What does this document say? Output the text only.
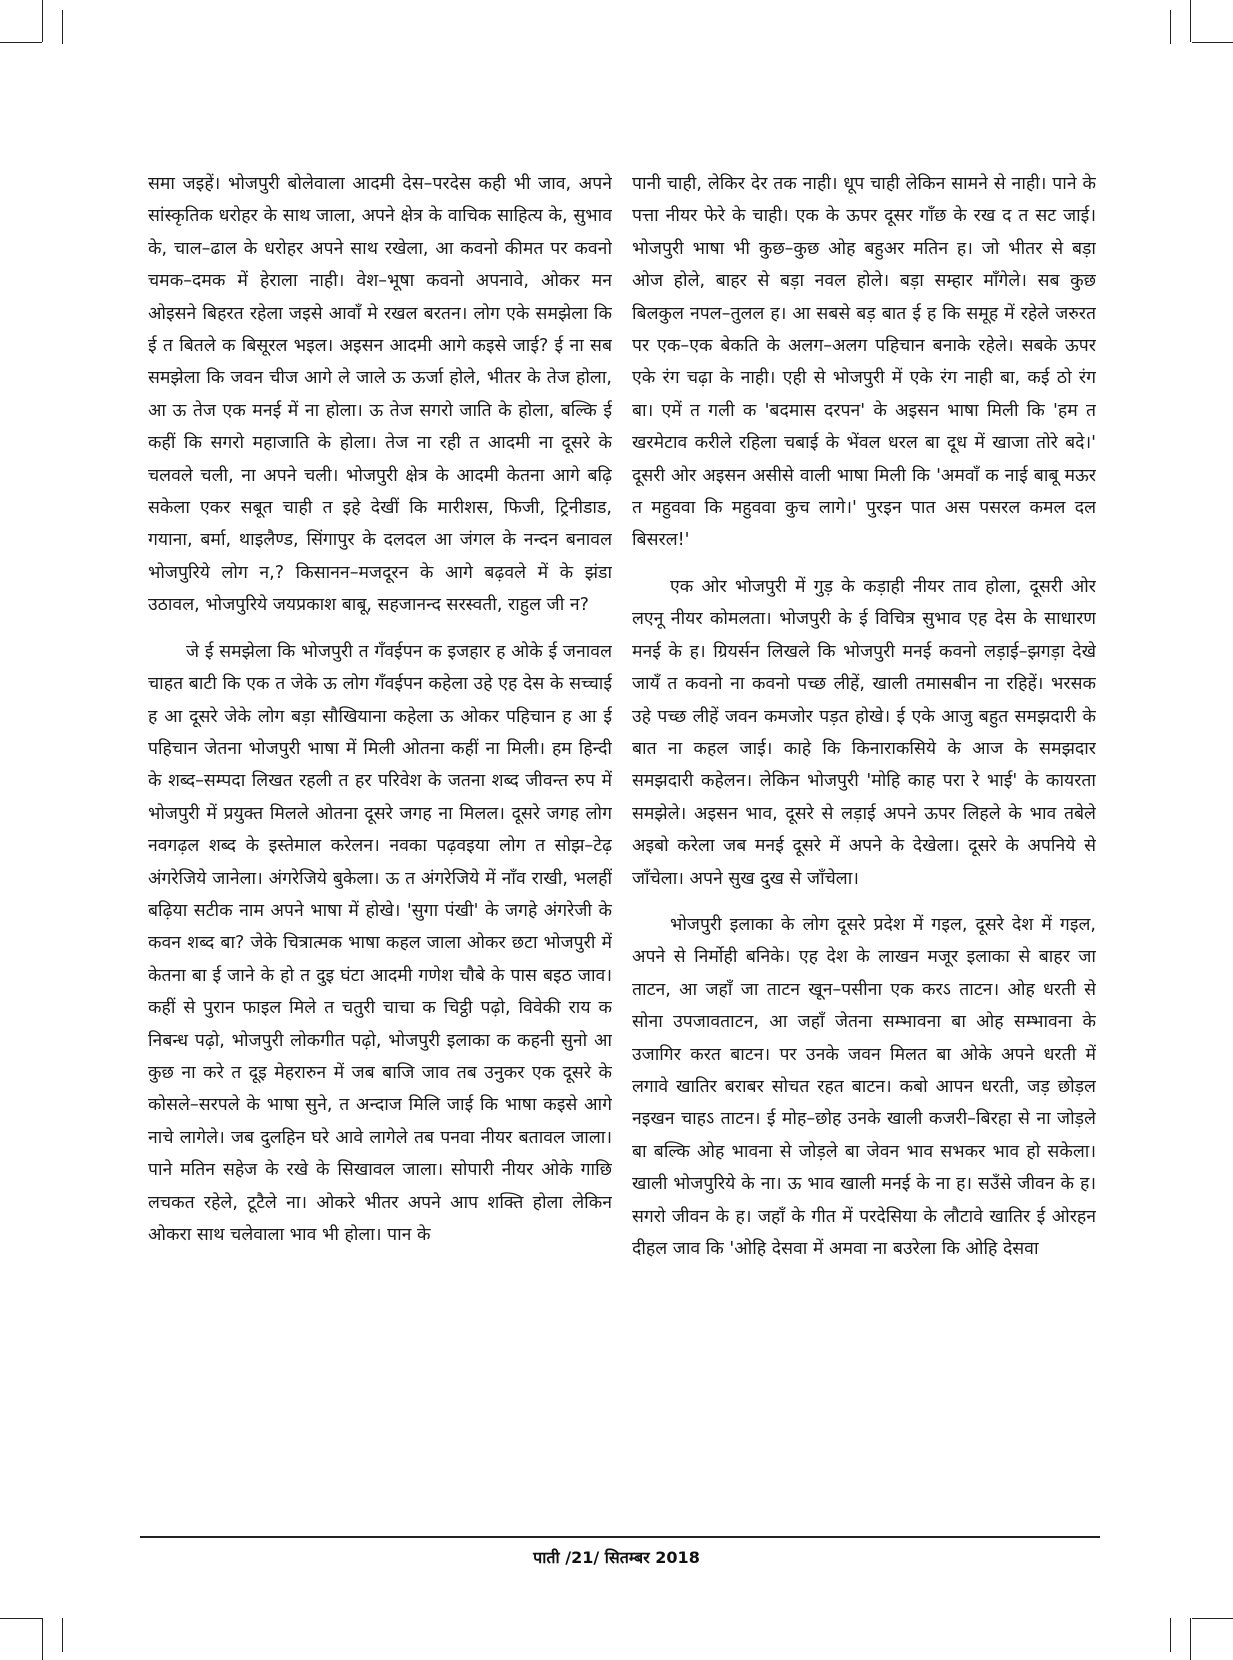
समा जइहें। भोजपुरी बोलेवाला आदमी देस–परदेस कही भी जाव, अपने सांस्कृतिक धरोहर के साथ जाला, अपने क्षेत्र के वाचिक साहित्य के, सुभाव के, चाल–ढाल के धरोहर अपने साथ रखेला, आ कवनो कीमत पर कवनो चमक–दमक में हेराला नाही। वेश–भूषा कवनो अपनावे, ओकर मन ओइसने बिहरत रहेला जइसे आवाँ मे रखल बरतन। लोग एके समझेला कि ई त बितले क बिसूरल भइल। अइसन आदमी आगे कइसे जाई? ई ना सब समझेला कि जवन चीज आगे ले जाले ऊ ऊर्जा होले, भीतर के तेज होला, आ ऊ तेज एक मनई में ना होला। ऊ तेज सगरो जाति के होला, बल्कि ई कहीं कि सगरो महाजाति के होला। तेज ना रही त आदमी ना दूसरे के चलवले चली, ना अपने चली। भोजपुरी क्षेत्र के आदमी केतना आगे बढ़ि सकेला एकर सबूत चाही त इहे देखीं कि मारीशस, फिजी, ट्रिनीडाड, गयाना, बर्मा, थाइलैण्ड, सिंगापुर के दलदल आ जंगल के नन्दन बनावल भोजपुरिये लोग न,? किसानन–मजदूरन के आगे बढ़वले में के झंडा उठावल, भोजपुरिये जयप्रकाश बाबू, सहजानन्द सरस्वती, राहुल जी न?

जे ई समझेला कि भोजपुरी त गँवईपन क इजहार ह ओके ई जनावल चाहत बाटी कि एक त जेके ऊ लोग गँवईपन कहेला उहे एह देस के सच्चाई ह आ दूसरे जेके लोग बड़ा सौखियाना कहेला ऊ ओकर पहिचान ह आ ई पहिचान जेतना भोजपुरी भाषा में मिली ओतना कहीं ना मिली। हम हिन्दी के शब्द–सम्पदा लिखत रहली त हर परिवेश के जतना शब्द जीवन्त रुप में भोजपुरी में प्रयुक्त मिलले ओतना दूसरे जगह ना मिलल। दूसरे जगह लोग नवगढ़ल शब्द के इस्तेमाल करेलन। नवका पढ़वइया लोग त सोझ–टेढ़ अंगरेजिये जानेला। अंगरेजिये बुकेला। ऊ त अंगरेजिये में नाँव राखी, भलहीं बढ़िया सटीक नाम अपने भाषा में होखे। 'सुगा पंखी' के जगहे अंगरेजी के कवन शब्द बा? जेके चित्रात्मक भाषा कहल जाला ओकर छटा भोजपुरी में केतना बा ई जाने के हो त दुइ घंटा आदमी गणेश चौबे के पास बइठ जाव। कहीं से पुरान फाइल मिले त चतुरी चाचा क चिट्ठी पढ़ो, विवेकी राय क निबन्ध पढ़ो, भोजपुरी लोकगीत पढ़ो, भोजपुरी इलाका क कहनी सुनो आ कुछ ना करे त दूइ मेहरारुन में जब बाजि जाव तब उनुकर एक दूसरे के कोसले–सरपले के भाषा सुने, त अन्दाज मिलि जाई कि भाषा कइसे आगे नाचे लागेले। जब दुलहिन घरे आवे लागेले तब पनवा नीयर बतावल जाला। पाने मतिन सहेज के रखे के सिखावल जाला। सोपारी नीयर ओके गाछि लचकत रहेले, टूटैले ना। ओकरे भीतर अपने आप शक्ति होला लेकिन ओकरा साथ चलेवाला भाव भी होला। पान के

पानी चाही, लेकिर देर तक नाही। धूप चाही लेकिन सामने से नाही। पाने के पत्ता नीयर फेरे के चाही। एक के ऊपर दूसर गाँछ के रख द त सट जाई। भोजपुरी भाषा भी कुछ–कुछ ओह बहुअर मतिन ह। जो भीतर से बड़ा ओज होले, बाहर से बड़ा नवल होले। बड़ा सम्हार माँगेले। सब कुछ बिलकुल नपल–तुलल ह। आ सबसे बड़ बात ई ह कि समूह में रहेले जरुरत पर एक–एक बेकति के अलग–अलग पहिचान बनाके रहेले। सबके ऊपर एके रंग चढ़ा के नाही। एही से भोजपुरी में एके रंग नाही बा, कई ठो रंग बा। एमें त गली क 'बदमास दरपन' के अइसन भाषा मिली कि 'हम त खरमेटाव करीले रहिला चबाई के भेंवल धरल बा दूध में खाजा तोरे बदे।' दूसरी ओर अइसन असीसे वाली भाषा मिली कि 'अमवाँ क नाई बाबू मऊर त महुववा कि महुववा कुच लागे।' पुरइन पात अस पसरल कमल दल बिसरल!'

एक ओर भोजपुरी में गुड़ के कड़ाही नीयर ताव होला, दूसरी ओर लएनू नीयर कोमलता। भोजपुरी के ई विचित्र सुभाव एह देस के साधारण मनई के ह। ग्रियर्सन लिखले कि भोजपुरी मनई कवनो लड़ाई–झगड़ा देखे जायँ त कवनो ना कवनो पच्छ लीहें, खाली तमासबीन ना रहिहें। भरसक उहे पच्छ लीहें जवन कमजोर पड़त होखे। ई एके आजु बहुत समझदारी के बात ना कहल जाई। काहे कि किनाराकसिये के आज के समझदार समझदारी कहेलन। लेकिन भोजपुरी 'मोहि काह परा रे भाई' के कायरता समझेले। अइसन भाव, दूसरे से लड़ाई अपने ऊपर लिहले के भाव तबेले अइबो करेला जब मनई दूसरे में अपने के देखेला। दूसरे के अपनिये से जाँचेला। अपने सुख दुख से जाँचेला।

भोजपुरी इलाका के लोग दूसरे प्रदेश में गइल, दूसरे देश में गइल, अपने से निर्मोही बनिके। एह देश के लाखन मजूर इलाका से बाहर जा ताटन, आ जहाँ जा ताटन खून–पसीना एक करऽ ताटन। ओह धरती से सोना उपजावताटन, आ जहाँ जेतना सम्भावना बा ओह सम्भावना के उजागिर करत बाटन। पर उनके जवन मिलत बा ओके अपने धरती में लगावे खातिर बराबर सोचत रहत बाटन। कबो आपन धरती, जड़ छोड़ल नइखन चाहऽ ताटन। ई मोह–छोह उनके खाली कजरी–बिरहा से ना जोड़ले बा बल्कि ओह भावना से जोड़ले बा जेवन भाव सभकर भाव हो सकेला। खाली भोजपुरिये के ना। ऊ भाव खाली मनई के ना ह। सउँसे जीवन के ह। सगरो जीवन के ह। जहाँ के गीत में परदेसिया के लौटावे खातिर ई ओरहन दीहल जाव कि 'ओहि देसवा में अमवा ना बउरेला कि ओहि देसवा

पाती /21/ सितम्बर 2018
